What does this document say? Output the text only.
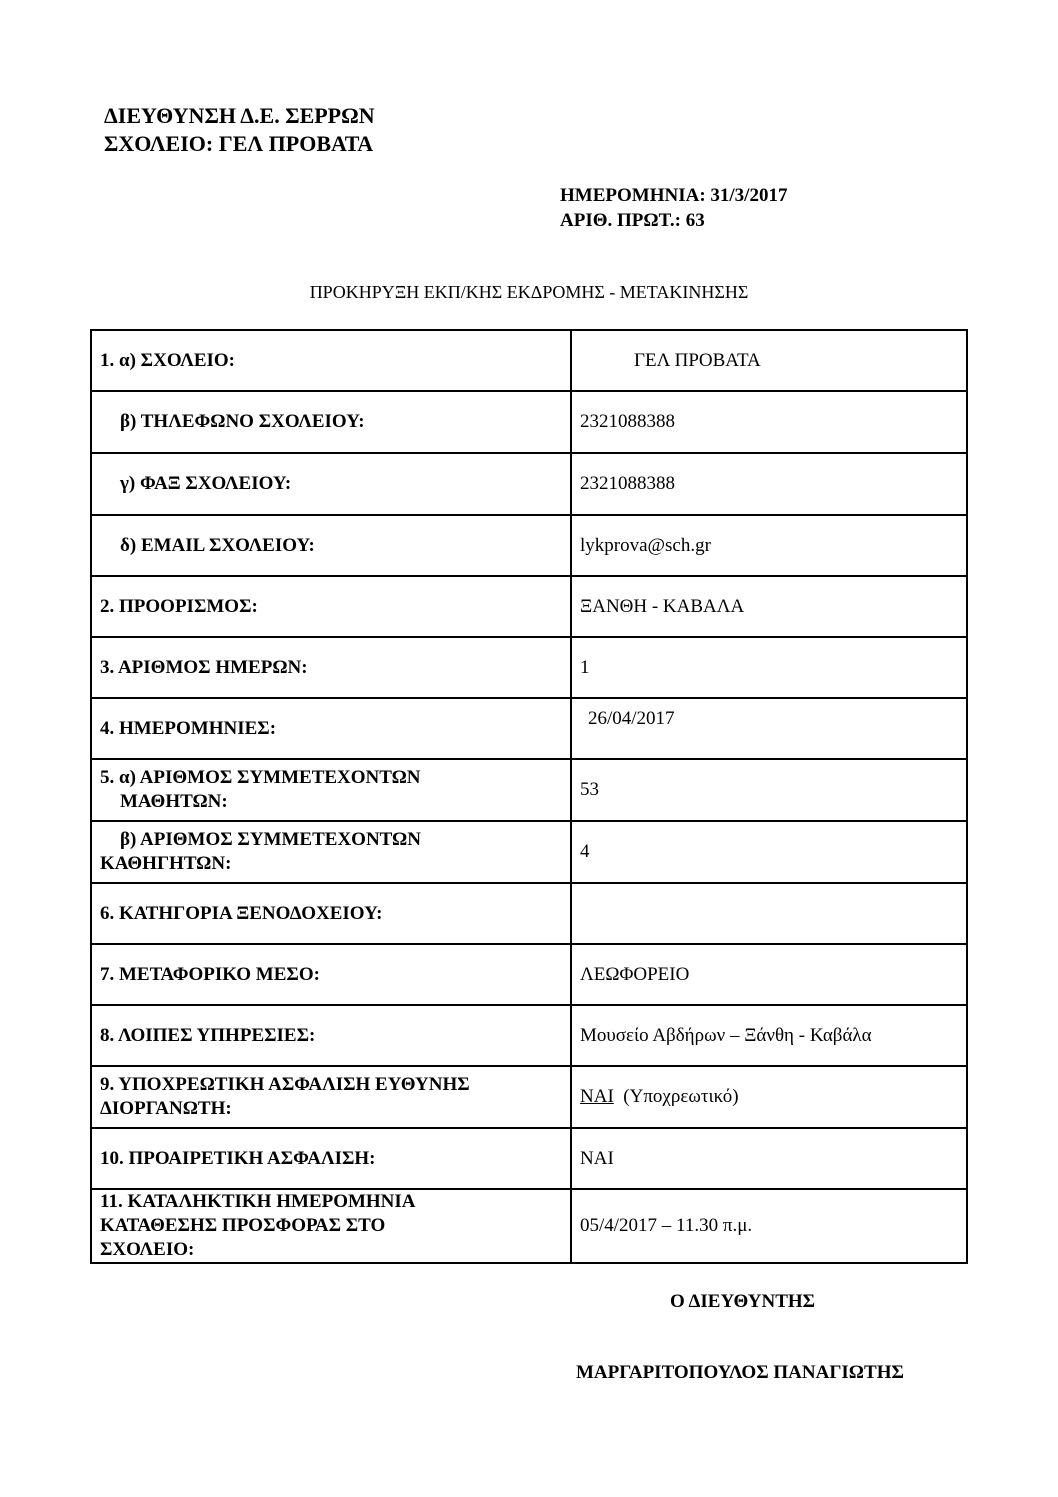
ΔΙΕΥΘΥΝΣΗ Δ.Ε. ΣΕΡΡΩΝ
ΣΧΟΛΕΙΟ: ΓΕΛ ΠΡΟΒΑΤΑ
ΗΜΕΡΟΜΗΝΙΑ: 31/3/2017
ΑΡΙΘ. ΠΡΩΤ.: 63
ΠΡΟΚΗΡΥΞΗ ΕΚΠ/ΚΗΣ ΕΚΔΡΟΜΗΣ - ΜΕΤΑΚΙΝΗΣΗΣ
1. α) ΣΧΟΛΕΙΟ:	ΓΕΛ ΠΡΟΒΑΤΑ
β) ΤΗΛΕΦΩΝΟ ΣΧΟΛΕΙΟΥ:	2321088388
γ) ΦΑΞ ΣΧΟΛΕΙΟΥ:	2321088388
δ) EMAIL ΣΧΟΛΕΙΟΥ:	lykprova@sch.gr
2. ΠΡΟΟΡΙΣΜΟΣ:	ΞΑΝΘΗ - ΚΑΒΑΛΑ
3. ΑΡΙΘΜΟΣ ΗΜΕΡΩΝ:	1
4. ΗΜΕΡΟΜΗΝΙΕΣ:	26/04/2017

5. α) ΑΡΙΘΜΟΣ ΣΥΜΜΕΤΕΧΟΝΤΩΝ
ΜΑΘΗΤΩΝ:	53

β) ΑΡΙΘΜΟΣ ΣΥΜΜΕΤΕΧΟΝΤΩΝ
ΚΑΘΗΓΗΤΩΝ:	4
6. ΚΑΤΗΓΟΡΙΑ ΞΕΝΟΔΟΧΕΙΟΥ:	
7. ΜΕΤΑΦΟΡΙΚΟ ΜΕΣΟ:	ΛΕΩΦΟΡΕΙΟ
8. ΛΟΙΠΕΣ ΥΠΗΡΕΣΙΕΣ:	Μουσείο Αβδήρων – Ξάνθη - Καβάλα

9. ΥΠΟΧΡΕΩΤΙΚΗ ΑΣΦΑΛΙΣΗ ΕΥΘΥΝΗΣ
ΔΙΟΡΓΑΝΩΤΗ:	ΝΑΙ (Υποχρεωτικό)
10. ΠΡΟΑΙΡΕΤΙΚΗ ΑΣΦΑΛΙΣΗ:	ΝΑΙ

11. ΚΑΤΑΛΗΚΤΙΚΗ ΗΜΕΡΟΜΗΝΙΑ
ΚΑΤΑΘΕΣΗΣ ΠΡΟΣΦΟΡΑΣ ΣΤΟ
ΣΧΟΛΕΙΟ:	05/4/2017 – 11.30 π.μ.
Ο ΔΙΕΥΘΥΝΤΗΣ
ΜΑΡΓΑΡΙΤΟΠΟΥΛΟΣ ΠΑΝΑΓΙΩΤΗΣ
